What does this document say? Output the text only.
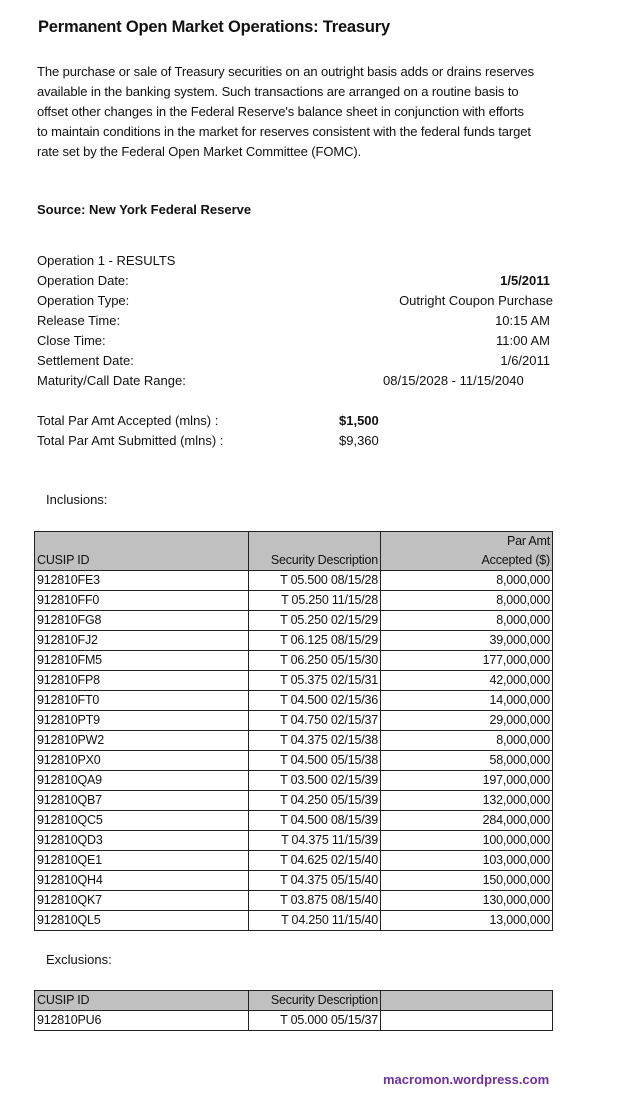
Permanent Open Market Operations: Treasury
The purchase or sale of Treasury securities on an outright basis adds or drains reserves available in the banking system. Such transactions are arranged on a routine basis to offset other changes in the Federal Reserve's balance sheet in conjunction with efforts to maintain conditions in the market for reserves consistent with the federal funds target rate set by the Federal Open Market Committee (FOMC).
Source: New York Federal Reserve
Operation 1 - RESULTS
Operation Date:	1/5/2011
Operation Type:	Outright Coupon Purchase
Release Time:	10:15 AM
Close Time:	11:00 AM
Settlement Date:	1/6/2011
Maturity/Call Date Range:	08/15/2028 - 11/15/2040
Total Par Amt Accepted (mlns) :	$1,500
Total Par Amt Submitted (mlns) :	$9,360
Inclusions:
CUSIP ID	Security Description	Par Amt
Accepted ($)
912810FE3	T 05.500 08/15/28	8,000,000
912810FF0	T 05.250 11/15/28	8,000,000
912810FG8	T 05.250 02/15/29	8,000,000
912810FJ2	T 06.125 08/15/29	39,000,000
912810FM5	T 06.250 05/15/30	177,000,000
912810FP8	T 05.375 02/15/31	42,000,000
912810FT0	T 04.500 02/15/36	14,000,000
912810PT9	T 04.750 02/15/37	29,000,000
912810PW2	T 04.375 02/15/38	8,000,000
912810PX0	T 04.500 05/15/38	58,000,000
912810QA9	T 03.500 02/15/39	197,000,000
912810QB7	T 04.250 05/15/39	132,000,000
912810QC5	T 04.500 08/15/39	284,000,000
912810QD3	T 04.375 11/15/39	100,000,000
912810QE1	T 04.625 02/15/40	103,000,000
912810QH4	T 04.375 05/15/40	150,000,000
912810QK7	T 03.875 08/15/40	130,000,000
912810QL5	T 04.250 11/15/40	13,000,000
Exclusions:
CUSIP ID	Security Description	
912810PU6	T 05.000 05/15/37	
macromon.wordpress.com
